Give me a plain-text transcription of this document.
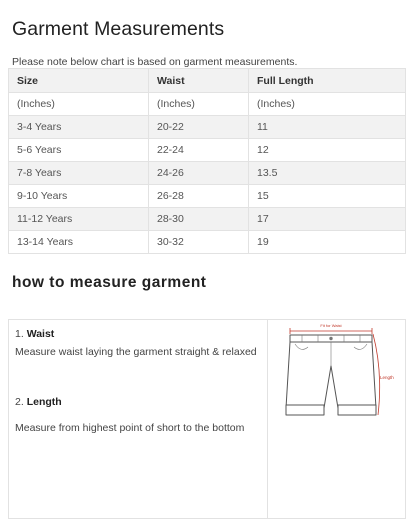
Garment Measurements
Please note below chart is based on garment measurements.
Size	Waist	Full Length
(Inches)	(Inches)	(Inches)
3-4 Years	20-22	11
5-6 Years	22-24	12
7-8 Years	24-26	13.5
9-10 Years	26-28	15
11-12 Years	28-30	17
13-14 Years	30-32	19
how to measure garment
1. Waist
Measure waist laying the garment straight & relaxed
2. Length
Measure from highest point of short to the bottom
Fit for Waist
Length
